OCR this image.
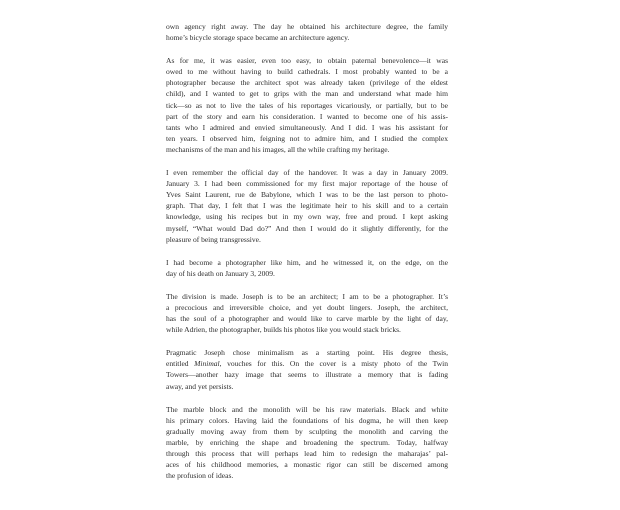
own agency right away. The day he obtained his architecture degree, the family
home’s bicycle storage space became an architecture agency.

As for me, it was easier, even too easy, to obtain paternal benevolence—it was
owed to me without having to build cathedrals. I most probably wanted to be a
photographer because the architect spot was already taken (privilege of the eldest
child), and I wanted to get to grips with the man and understand what made him
tick—so as not to live the tales of his reportages vicariously, or partially, but to be
part of the story and earn his consideration. I wanted to become one of his assis-
tants who I admired and envied simultaneously. And I did. I was his assistant for
ten years. I observed him, feigning not to admire him, and I studied the complex
mechanisms of the man and his images, all the while crafting my heritage.

I even remember the official day of the handover. It was a day in January 2009.
January 3. I had been commissioned for my first major reportage of the house of
Yves Saint Laurent, rue de Babylone, which I was to be the last person to photo-
graph. That day, I felt that I was the legitimate heir to his skill and to a certain
knowledge, using his recipes but in my own way, free and proud. I kept asking
myself, “What would Dad do?” And then I would do it slightly differently, for the
pleasure of being transgressive.

I had become a photographer like him, and he witnessed it, on the edge, on the
day of his death on January 3, 2009.

The division is made. Joseph is to be an architect; I am to be a photographer. It’s
a precocious and irreversible choice, and yet doubt lingers. Joseph, the architect,
has the soul of a photographer and would like to carve marble by the light of day,
while Adrien, the photographer, builds his photos like you would stack bricks.

Pragmatic Joseph chose minimalism as a starting point. His degree thesis,
entitled Minimal, vouches for this. On the cover is a misty photo of the Twin
Towers—another hazy image that seems to illustrate a memory that is fading
away, and yet persists.

The marble block and the monolith will be his raw materials. Black and white
his primary colors. Having laid the foundations of his dogma, he will then keep
gradually moving away from them by sculpting the monolith and carving the
marble, by enriching the shape and broadening the spectrum. Today, halfway
through this process that will perhaps lead him to redesign the maharajas’ pal-
aces of his childhood memories, a monastic rigor can still be discerned among
the profusion of ideas.
